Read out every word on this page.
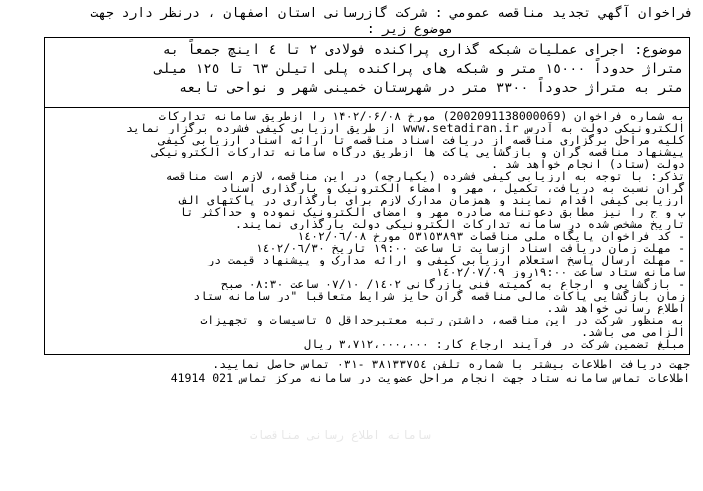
فراخوان آگهي تجديد مناقصه عمومي : شركت گازرسانی استان اصفهان ، درنظر دارد جهت
موضوع زير :
موضوع: اجرای عملیات شبکه گذاری پراکنده فولادی ۲ تا ٤ اینچ جمعاً به
متراژ حدوداً ١٥٠٠٠ متر و شبکه های پراکنده پلی اتیلن ٦٣ تا ١٢٥ میلی
متر به متراژ حدوداً ٣٣٠٠ متر در شهرستان خمینی شهر و نواحی تابعه
به شماره فراخوان (2002091138000069) مورخ ۱۴۰۲/۰۶/۰۸ را ازطریق سامانه تدارکات
الکترونیکی دولت به آدرس www.setadiran.ir از طریق ارزیابی کیفی فشرده برگزار نماید
کلیه مراحل برگزاری مناقصه از دریافت اسناد مناقصه تا ارائه اسناد ارزیابی کیفی
پیشنهاد مناقصه گران و بازگشایی پاکت ها ازطریق درگاه سامانه تدارکات الکترونیکی
دولت (ستاد) انجام خواهد شد .
تذکر: با توجه به ارزیابی کیفی فشرده (یکپارچه) در این مناقصه، لازم است مناقصه
گران نسبت به دریافت، تکمیل ، مهر و امضاء الکترونیک و بارگذاری اسناد
ارزیابی کیفی اقدام نمایند و همزمان مدارک لازم برای بارگذاری در پاکتهای الف
ب و ج را نیز مطابق دعوتنامه صادره مهر و امضای الکترونیک نموده و حداکثر تا
تاریخ مشخص شده در سامانه تدارکات الکترونیکی دولت بارگذاری نمایند.
- کد فراخوان پایگاه ملی مناقصات ٥٣١٥٣٨٩٣ مورخ ١٤٠٢/٠٦/٠٨
- مهلت زمان دریافت اسناد ازسایت تا ساعت ١٩:٠٠ تاریخ ١٤٠٢/٠٦/٣٠
- مهلت ارسال پاسخ استعلام ارزیابی کیفی و ارائه مدارک و پیشنهاد قیمت در
سامانه ستاد ساعت ١٩:٠٠روز ١٤٠٢/٠٧/٠٩
- بازگشایی و ارجاع به کمیته فنی بازرگانی ١٤٠٢/ ٠٧/١٠ ساعت ٠٨:٣٠ صبح
زمان بازگشایی پاکات مالی مناقصه گران حایز شرایط متعاقباً "در سامانه ستاد
اطلاع رسانی خواهد شد.
به منظور شرکت در این مناقصه، داشتن رتبه معتبرحداقل ٥ تاسیسات و تجهیزات
الزامی می باشد.
مبلغ تضمین شرکت در فرآیند ارجاع کار: ٣،٧١٢،٠٠٠،٠٠٠ ریال
جهت دریافت اطلاعات بیشتر با شماره تلفن ٣٨١٣٣٧٥٤ -٠٣١ تماس حاصل نمایید.
اطلاعات تماس سامانه ستاد جهت انجام مراحل عضویت در سامانه مرکز تماس 021 41914
سامانه اطلاع رسانی مناقصات
